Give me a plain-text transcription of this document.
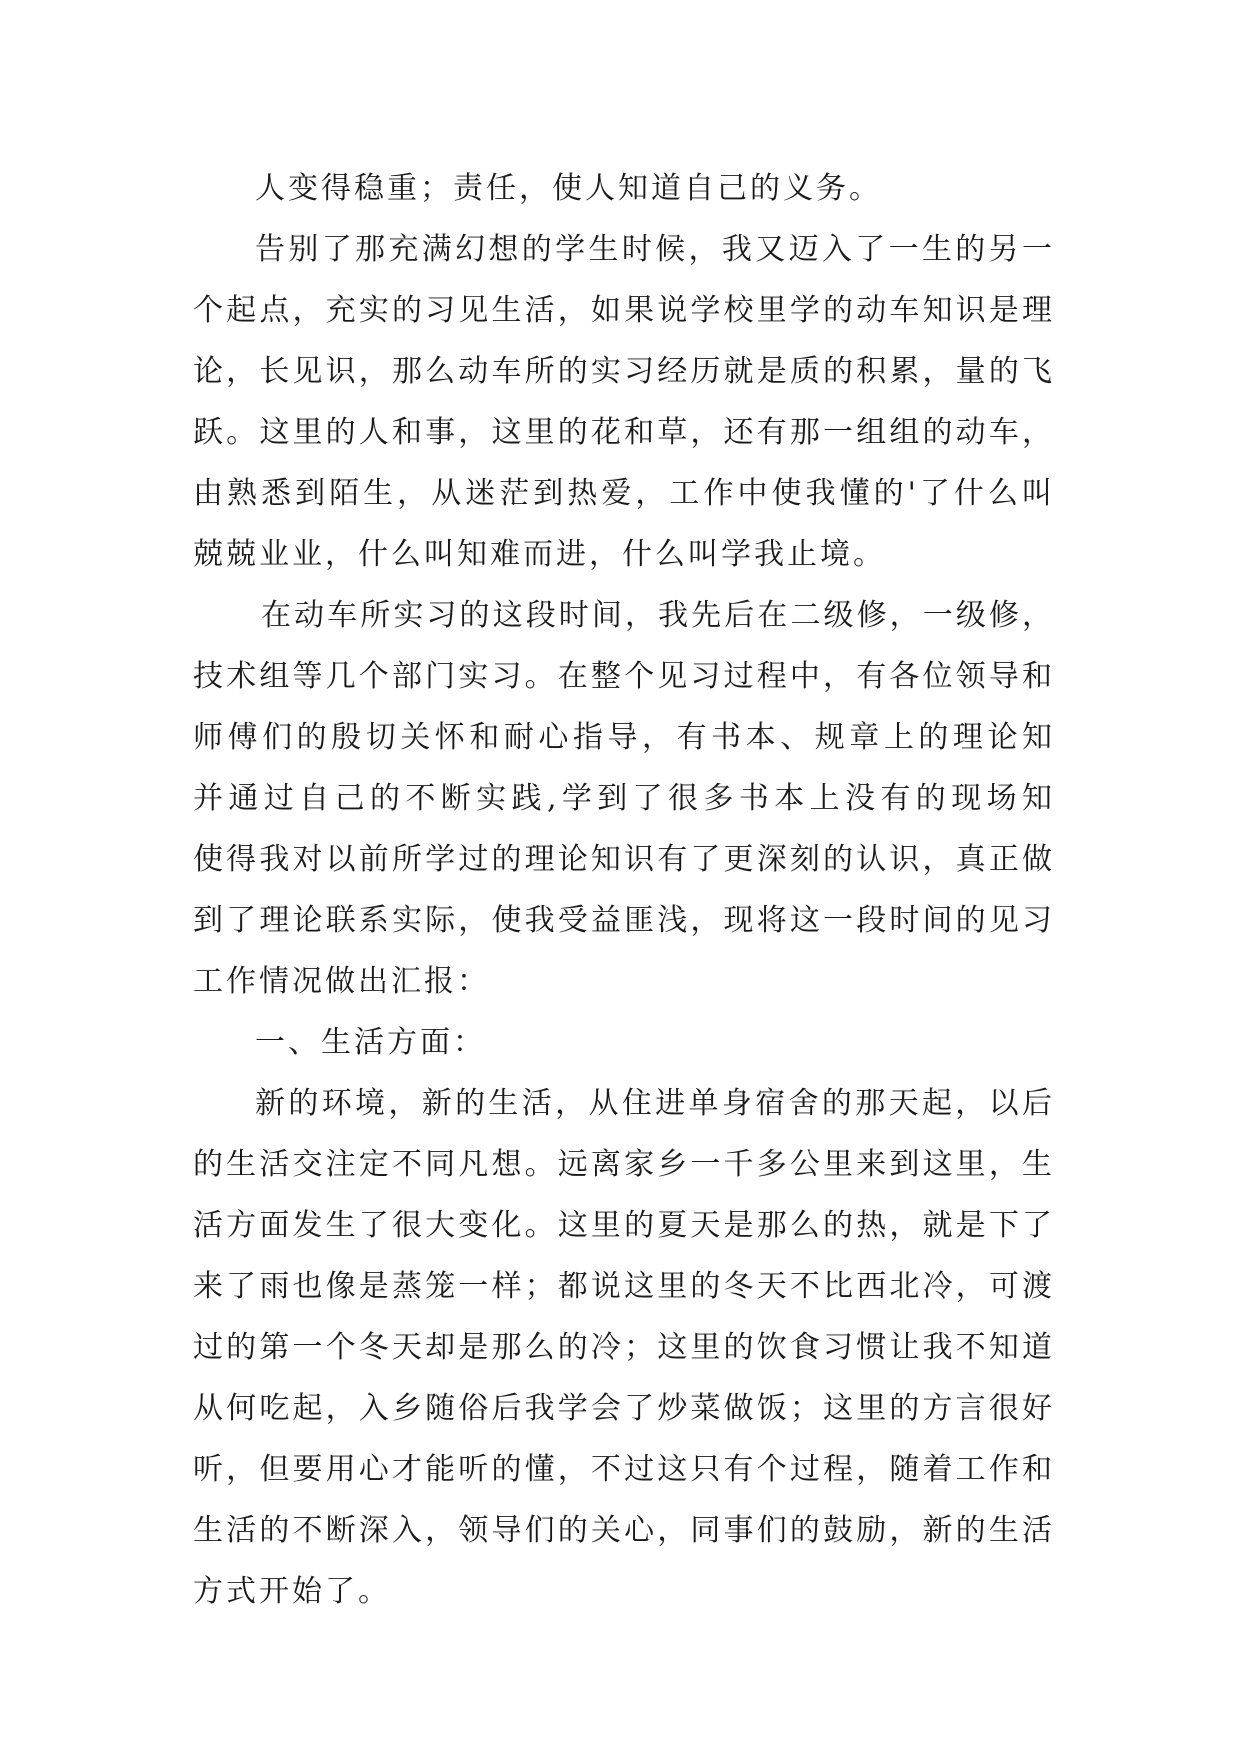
人变得稳重；责任，使人知道自己的义务。
告别了那充满幻想的学生时候，我又迈入了一生的另一
个起点，充实的习见生活，如果说学校里学的动车知识是理
论，长见识，那么动车所的实习经历就是质的积累，量的飞
跃。这里的人和事，这里的花和草，还有那一组组的动车，
由熟悉到陌生，从迷茫到热爱，工作中使我懂的'了什么叫
兢兢业业，什么叫知难而进，什么叫学我止境。
在动车所实习的这段时间，我先后在二级修，一级修，
技术组等几个部门实习。在整个见习过程中，有各位领导和
师傅们的殷切关怀和耐心指导，有书本、规章上的理论知
并通过自己的不断实践,学到了很多书本上没有的现场知
使得我对以前所学过的理论知识有了更深刻的认识，真正做
到了理论联系实际，使我受益匪浅，现将这一段时间的见习
工作情况做出汇报：
一、生活方面：
新的环境，新的生活，从住进单身宿舍的那天起，以后
的生活交注定不同凡想。远离家乡一千多公里来到这里，生
活方面发生了很大变化。这里的夏天是那么的热，就是下了
来了雨也像是蒸笼一样；都说这里的冬天不比西北冷，可渡
过的第一个冬天却是那么的冷；这里的饮食习惯让我不知道
从何吃起，入乡随俗后我学会了炒菜做饭；这里的方言很好
听，但要用心才能听的懂，不过这只有个过程，随着工作和
生活的不断深入，领导们的关心，同事们的鼓励，新的生活
方式开始了。
